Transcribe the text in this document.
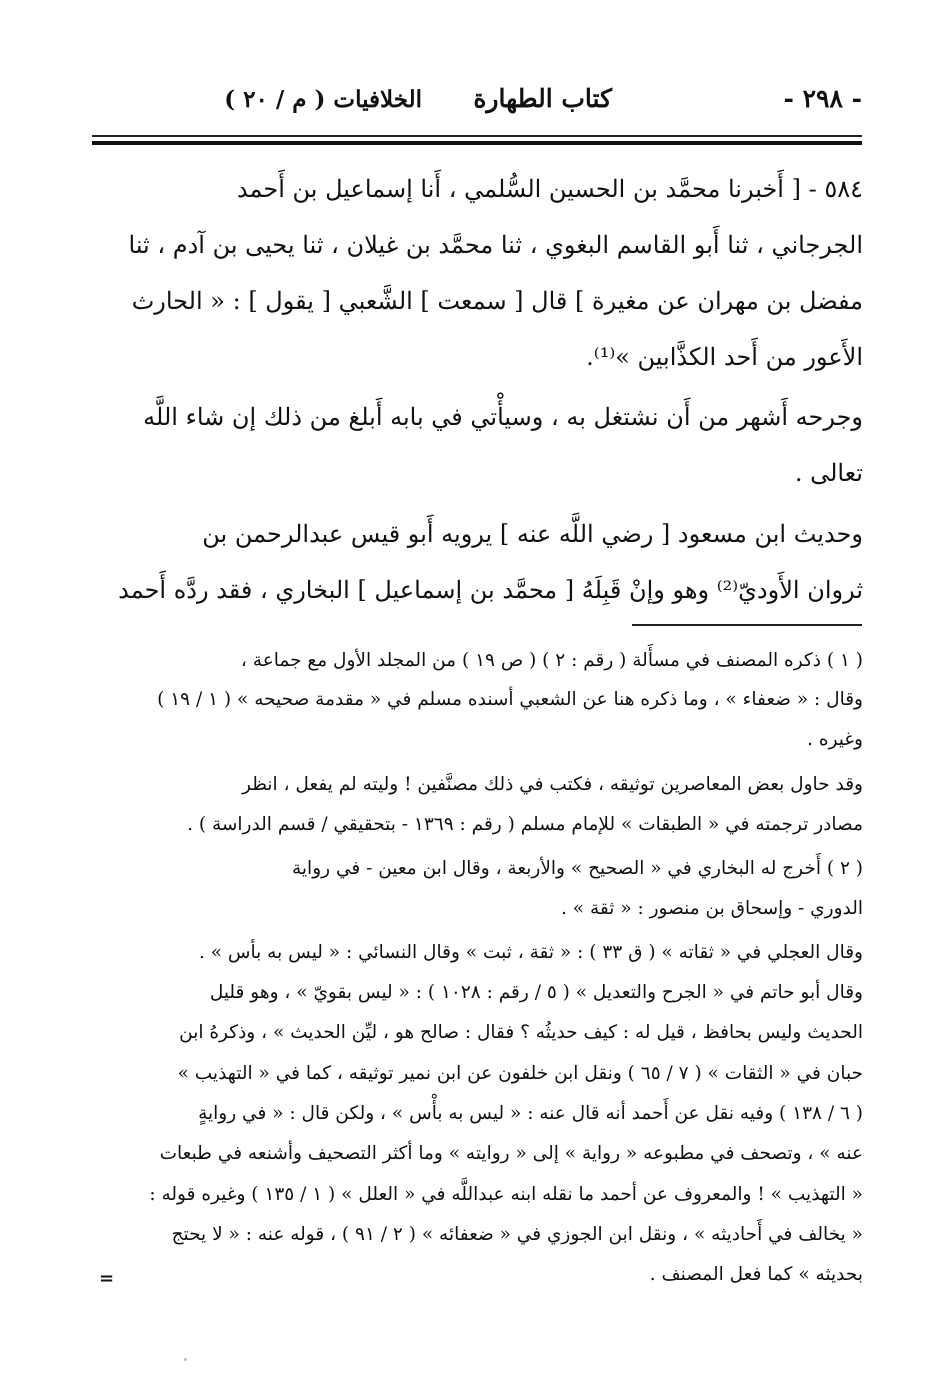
- ٢٩٨ -
كتاب الطهارة
الخلافيات ( م / ٢٠ )
٥٨٤ - [ أَخبرنا محمَّد بن الحسين السُّلمي ، أَنا إسماعيل بن أَحمد
الجرجاني ، ثنا أَبو القاسم البغوي ، ثنا محمَّد بن غيلان ، ثنا يحيى بن آدم ، ثنا
مفضل بن مهران عن مغيرة ] قال [ سمعت ] الشَّعبي [ يقول ] : « الحارث
الأَعور من أَحد الكذَّابين »⁽¹⁾.
وجرحه أَشهر من أَن نشتغل به ، وسيأْتي في بابه أَبلغ من ذلك إن شاء اللَّه
تعالى .
وحديث ابن مسعود [ رضي اللَّه عنه ] يرويه أَبو قيس عبدالرحمن بن
ثروان الأَوديّ⁽²⁾ وهو وإنْ قَبِلَهُ [ محمَّد بن إسماعيل ] البخاري ، فقد ردَّه أَحمد
( ١ ) ذكره المصنف في مسأَلة ( رقم : ٢ ) ( ص ١٩ ) من المجلد الأول مع جماعة ،
وقال : « ضعفاء » ، وما ذكره هنا عن الشعبي أسنده مسلم في « مقدمة صحيحه » ( ١ / ١٩ )
وغيره .
وقد حاول بعض المعاصرين توثيقه ، فكتب في ذلك مصنَّفين ! وليته لم يفعل ، انظر
مصادر ترجمته في « الطبقات » للإمام مسلم ( رقم : ١٣٦٩ - بتحقيقي / قسم الدراسة ) .
( ٢ ) أَخرج له البخاري في « الصحيح » والأربعة ، وقال ابن معين - في رواية
الدوري - وإسحاق بن منصور : « ثقة » .
وقال العجلي في « ثقاته » ( ق ٣٣ ) : « ثقة ، ثبت » وقال النسائي : « ليس به بأس » .
وقال أبو حاتم في « الجرح والتعديل » ( ٥ / رقم : ١٠٢٨ ) : « ليس بقويّ » ، وهو قليل
الحديث وليس بحافظ ، قيل له : كيف حديثُه ؟ فقال : صالح هو ، ليِّن الحديث » ، وذكرهُ ابن
حبان في « الثقات » ( ٧ / ٦٥ ) ونقل ابن خلفون عن ابن نمير توثيقه ، كما في « التهذيب »
( ٦ / ١٣٨ ) وفيه نقل عن أَحمد أنه قال عنه : « ليس به بأْس » ، ولكن قال : « في روايةٍ
عنه » ، وتصحف في مطبوعه « رواية » إلى « روايته » وما أكثر التصحيف وأشنعه في طبعات
« التهذيب » ! والمعروف عن أحمد ما نقله ابنه عبداللَّه في « العلل » ( ١ / ١٣٥ ) وغيره قوله :
« يخالف في أَحاديثه » ، ونقل ابن الجوزي في « ضعفائه » ( ٢ / ٩١ ) ، قوله عنه : « لا يحتج
بحديثه » كما فعل المصنف .
=
